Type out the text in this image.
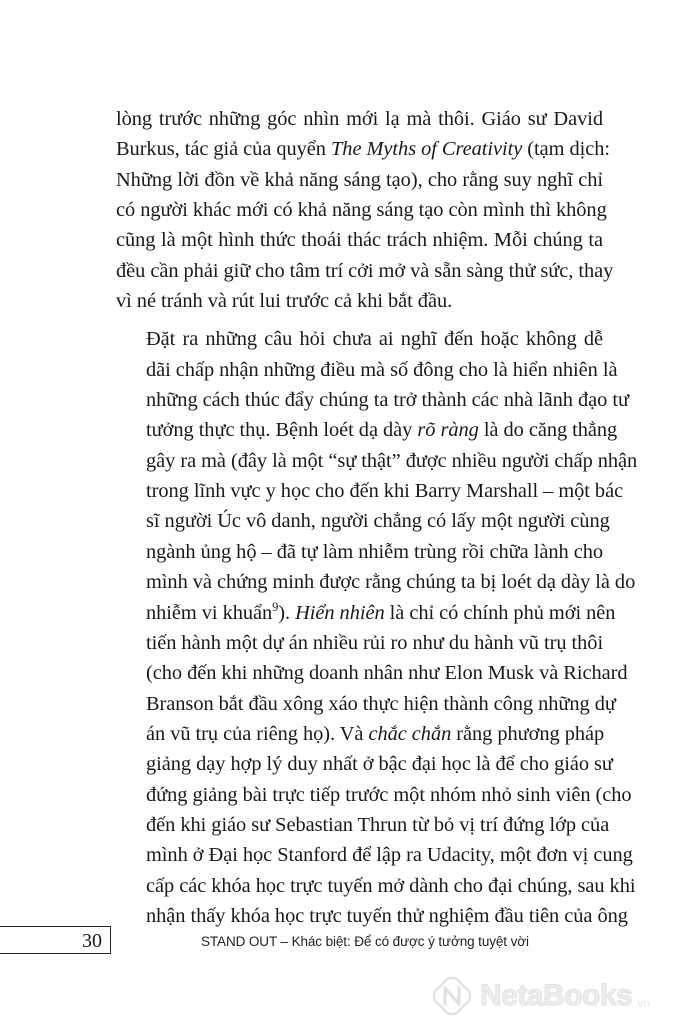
lòng trước những góc nhìn mới lạ mà thôi. Giáo sư David
Burkus, tác giả của quyển The Myths of Creativity (tạm dịch:
Những lời đồn về khả năng sáng tạo), cho rằng suy nghĩ chỉ
có người khác mới có khả năng sáng tạo còn mình thì không
cũng là một hình thức thoái thác trách nhiệm. Mỗi chúng ta
đều cần phải giữ cho tâm trí cởi mở và sẵn sàng thử sức, thay
vì né tránh và rút lui trước cả khi bắt đầu.

Đặt ra những câu hỏi chưa ai nghĩ đến hoặc không dễ
dãi chấp nhận những điều mà số đông cho là hiển nhiên là
những cách thúc đẩy chúng ta trở thành các nhà lãnh đạo tư
tưởng thực thụ. Bệnh loét dạ dày rõ ràng là do căng thẳng
gây ra mà (đây là một “sự thật” được nhiều người chấp nhận
trong lĩnh vực y học cho đến khi Barry Marshall – một bác
sĩ người Úc vô danh, người chẳng có lấy một người cùng
ngành ủng hộ – đã tự làm nhiễm trùng rồi chữa lành cho
mình và chứng minh được rằng chúng ta bị loét dạ dày là do
nhiễm vi khuẩn$^9$). Hiển nhiên là chỉ có chính phủ mới nên
tiến hành một dự án nhiều rủi ro như du hành vũ trụ thôi
(cho đến khi những doanh nhân như Elon Musk và Richard
Branson bắt đầu xông xáo thực hiện thành công những dự
án vũ trụ của riêng họ). Và chắc chắn rằng phương pháp
giảng dạy hợp lý duy nhất ở bậc đại học là để cho giáo sư
đứng giảng bài trực tiếp trước một nhóm nhỏ sinh viên (cho
đến khi giáo sư Sebastian Thrun từ bỏ vị trí đứng lớp của
mình ở Đại học Stanford để lập ra Udacity, một đơn vị cung
cấp các khóa học trực tuyến mở dành cho đại chúng, sau khi
nhận thấy khóa học trực tuyến thử nghiệm đầu tiên của ông

30	STAND OUT – Khác biệt: Để có được ý tưởng tuyệt vời
NetaBooks .vn
